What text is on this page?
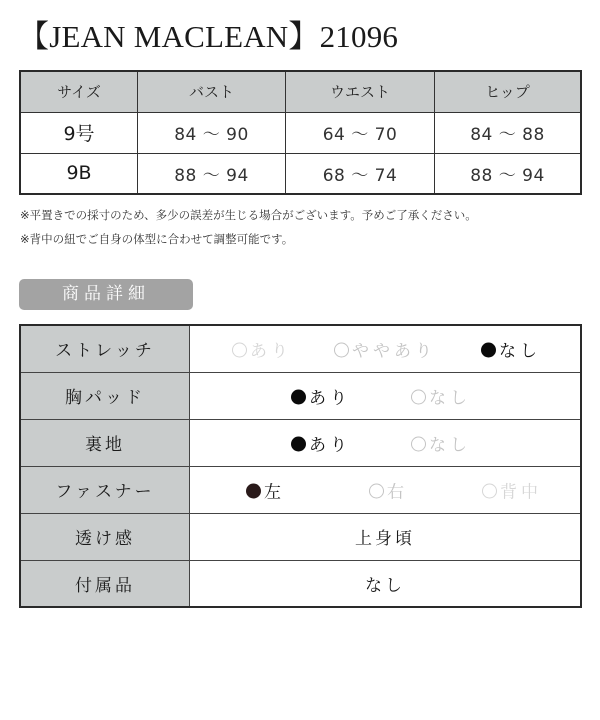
【JEAN MACLEAN】21096
サイズ	バスト	ウエスト	ヒップ
9号	84 ～ 90	64 ～ 70	84 ～ 88
9B	88 ～ 94	68 ～ 74	88 ～ 94
※平置きでの採寸のため、多少の誤差が生じる場合がございます。予めご了承ください。
※背中の紐でご自身の体型に合わせて調整可能です。
商品詳細
ストレッチ	あり ややあり なし

胸パッド	あり なし

裏地	あり なし

ファスナー	左 右 背中

透け感	上身頃
付属品	なし
